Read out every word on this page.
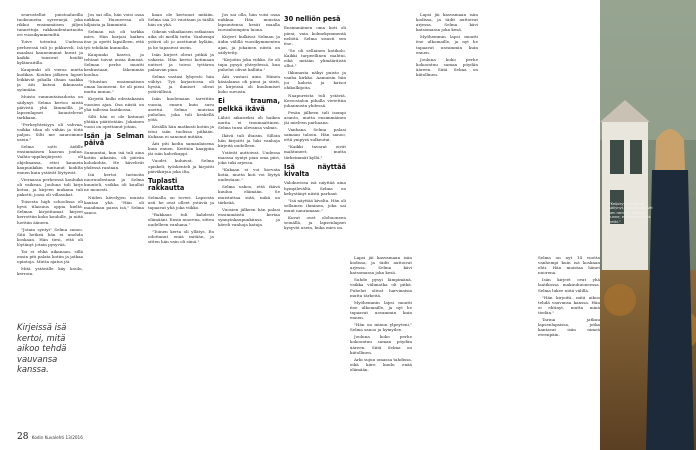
seurustellut puistoalueilla tuoksuneita syreenejä, joka rikkoi ensimmäisen jäljen tunnettuja rakkaudentarinoita eri vuosikymmeniltä.

Toive toteutui. Uudessa perheessä tuli jo pikkuveli. Isä maalasi kauneimmat kuvat ja kaikki tunsivat heidät kylänraitilla.

Kaupunki oli vieras mutta kodikas. Koulun jälkeen lapset leikkivät pihalla iltaan saakka ja äiti kutsui ikkunasta syömään.

Muisto sunnuntaisadosta on säilynyt. Selma kertoo niistä päivistä yhä lämmöllä ja lapsenlapset kuuntelevat tarkkaan.

"Perheyhteisyys oli vahvaa, vaikka tilaa oli vähän ja töitä paljon. Silti me nauroimme usein."

Selma sotti äidille ensimmäisen kaavan joulua. Vaihto-oppilasjärjestö oli ohjelmansa, ettei kaunein kaupunkikin tuntunut kodilta ennen kuin ystävät löytyivät.

Vieraassa perheessä kouluikä oli vaikeaa. Jouluna tuli kirje kotoa, ja kirjeen mukana tuli paketti, jossa oli villasukat.

Toisesta high schoolissa oli hyvä tilaisuus oppia kieltä. Selman kirjoittamat kirjeet kerrottiin koko koululle, ja niitä luettiin ääneen.

"Jotain syntyi" Selma sanoo. Sitä hetkeä hän ei unohda koskaan. Hän tiesi, että oli löytänyt jotain pysyvää.

Tai ei ehkä aikanaan, sillä ensin piti palata kotiin ja jatkaa opintoja. Mutta ajatus jäi.

Mitä ystävälle käy koulu, kerroin.

Kirjeissä isä kertoi, mitä aikoo tehdä vauvansa kanssa.

kaan ole kertonut mitään. Selma saa 20 vuottaan ja täällä hän on yhä.

Oikean väliaikaisen ratkaisun aika oli meillä tuttu. Vanhempi ystävä oli jo asettunut kylään, ja he tapasivat usein.

Isän kirjeet olivat pitkiä ja vakavia. Hän kertoi kotimaan uutiset ja toivoi tyttären palaavan pian.

Selma vastasi lyhyesti: hän viihtyi. Työ kirjastossa oli hyvää, ja ihmiset olivat ystävällisiä.

Isän kuolemaan tarvittiin vuosia, ennen kuin suru asettui. Selma muistaa puhelun, joka tuli keskellä yötä.

Kesällä hän matkusti kotiin ja istui isän tuolissa pitkään. Kukaan ei sanonut mitään.

Äiti piti kodin samanlaisena kuin ennen. Keittiön kaappiin jäi isän kahvikuppi.

Vuodet kuluivat. Selma opiskeli, työskenteli ja kirjoitti päiväkirjaa joka ilta.

Tuplasti rakkautta

Selmalla on toveri. Lapsesta asti he ovat olleet ystäviä ja tapaavat yhä joka viikko.

"Rakkaus tuli kahdesti elämääni. Ensin nuorena, sitten uudelleen vanhana."

"Toinen kerta oli yllätys. En odottanut enää mitään, ja sitten hän vain oli siinä."

Jos sai olla, hän voisi osaa nukkua. Huoneessa oli hiljaista ja lämmintä.

Selman isä oli tarkka mies. Hän korjasi kaiken itse ja opetti lapsilleen, että työ tehdään kunnolla.

Kaupunki kasvoi, ja tehtaat toivat uusia ihmisiä. Selman perhe muutti keskustaan, lähemmäs koulua.

"Muistan ensimmäisen oman huoneeni. Se oli pieni mutta minun."

Kirjeitä kulki edestakaisin vuosien ajan. Osa niistä on yhä tallessa laatikossa.

Silti hän ei ole katunut yhtään päätöstään. Jokainen vuosi on opettanut jotain.

Isän ja Selman päivä

Sunnuntai, kun isä tuli aina kotiin aikaisin, oli päivän kohokohta. He kävelivät yhdessä rantaan.

Isä kertoi tarinoita nuoruudestaan ja Selma kuunteli, vaikka oli kuullut ne monesti.

Niiden kävelyjen muisto kantaa yhä. "Hän oli maailman paras isä," Selma sanoo.

Jos sai olla, hän voisi osaa nukkua. Hän muistaa lapsuutensa kesät maalla isovanhempien luona.

Kirjeet kulkivat Selman ja äidin välillä vuosikymmenten ajan, ja jokainen niistä on säilytetty.

"Kirjoitin joka viikko. Se oli tapa pysyä yhteydessä, kun puhelut olivat kalliita."

Äiti vastasi aina. Hänen käsialansa oli pieni ja siisti, ja kirjeissä oli kuulumiset koko suvusta.

Ei trauma, pelkkä ikävä

Lähtö aikuiseksi oli haikea mutta ei traumaattinen. Selma tunsi olevansa valmis.

Ikävä tuli iltaisin. Silloin hän kirjoitti ja luki vanhoja kirjeitä uudelleen.

Ystävät auttoivat. Uudessa maassa syntyi pian oma piiri, joka tuki arjessa.

"Kukaan ei voi korvata kotia, mutta koti voi löytyä uudestaan."

Selma uskoo, että ikävä kuuluu elämään. Se muistuttaa siitä, mikä on tärkeää.

Vuosien jälkeen hän palasi ensimmäistä kertaa synnyinkaupunkiinsa ja käveli vanhoja katuja.

30 nelliön pesä

Ensimmäinen oma koti oli pieni, vain kolmekymmentä neliötä. Selma sisusti sen itse.

"Se oli sellainen kotikolo. Kaikki tarpeellinen mahtui, eikä mitään ylimääräistä ollut."

Ikkunasta näkyi puisto ja vanha kirkko. Aamuisin hän joi kahvia ja katsoi ohikulkijoita.

Naapureista tuli ystäviä. Kerrostalon pihalla vietettiin juhannusta yhdessä.

Pesän jälkeen tuli isompi asunto, mutta ensimmäinen jäi mieleen parhaana.

Vanhana Selma palasi samaan taloon. Hän sanoo, että ympyrä sulkeutui.

"Kaikki tavarat eivät mahtuneet, mutta tärkeimmät kyllä."

Isä näyttää kivalta

Valokuvissa isä näyttää aina hymyilevältä. Selma on kehystänyt niistä parhaat.

"Isä näyttää kivalta. Hän oli sellainen ihminen, joka sai muut nauramaan."

Kuvat ovat olohuoneen seinällä, ja lapsenlapset kysyvät usein, kuka mies on.

28 Kodin Kuvalehti 13/2016

Lapsi jäi kasvamaan isän kodissa, ja tädit auttoivat arjessa. Selma kävi katsomassa joka kesä.

Suhde pysyi lämpimänä, vaikka välimatka oli pitkä. Puhelut olivat harvinaisia mutta tärkeitä.

Myöhemmin lapsi muutti itse ulkomaille, ja nyt he tapaavat useammin kuin ennen.

"Hän on minun ylpeyteni," Selma sanoo ja hymyilee.

Jouluna koko perhe kokoontuu saman pöydän ääreen. Siitä Selma on kiitollinen.

Arki sujuu omassa tahdissa, eikä kiire kuulu enää elämään.

Lapsi jäi kasvamaan isän kodissa, ja tädit auttoivat arjessa. Selma kävi katsomassa joka kesä.

Myöhemmin lapsi muutti itse ulkomaille, ja nyt he tapaavat useammin kuin ennen.

Jouluna koko perhe kokoontuu saman pöydän ääreen. Siitä Selma on kiitollinen.

Selma on nyt 14 vuotta vanhempi kuin isä koskaan ehti. Hän muistaa hänet nuorena.

Isän kirjeet ovat yhä laatikossa makuuhuoneessa. Selma lukee niitä välillä.

"Hän kirjoitti, mitä aikoo tehdä vauvansa kanssa. Hän ei ehtinyt, mutta minä tiedän."

Tarina jatkuu lapsenlapsissa, jotka kantavat isän nimeä eteenpäin.

"Keijukyyrmiestä on säilynyt, kun koti jäi. Vei sen rantaan kun tuli tunne, että se on oikea hetki."
